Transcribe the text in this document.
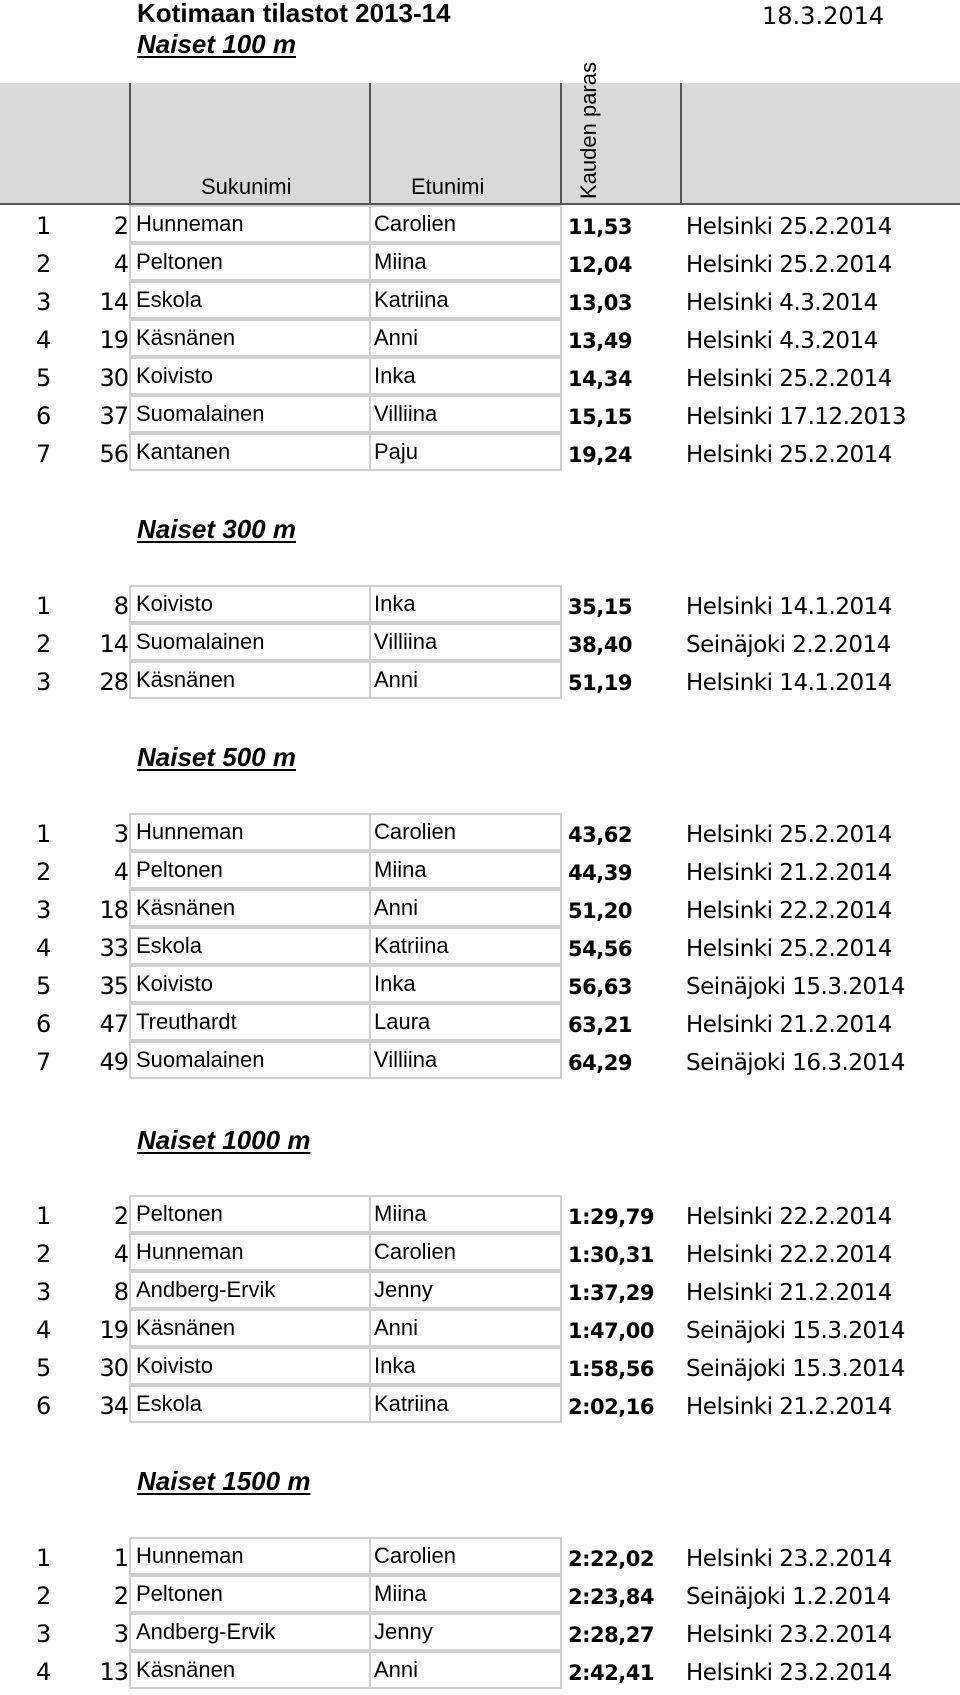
Kotimaan tilastot 2013-14	18.3.2014
Sukunimi	Etunimi	Kauden paras
Naiset 100 m
1	2 Hunneman	Carolien	11,53 Helsinki 25.2.2014
2	4 Peltonen	Miina	12,04 Helsinki 25.2.2014
3	14 Eskola	Katriina	13,03 Helsinki 4.3.2014
4	19 Käsnänen	Anni	13,49 Helsinki 4.3.2014
5	30 Koivisto	Inka	14,34 Helsinki 25.2.2014
6	37 Suomalainen	Villiina	15,15 Helsinki 17.12.2013
7	56 Kantanen	Paju	19,24 Helsinki 25.2.2014
Naiset 300 m
1	8 Koivisto	Inka	35,15 Helsinki 14.1.2014
2	14 Suomalainen	Villiina	38,40 Seinäjoki 2.2.2014
3	28 Käsnänen	Anni	51,19 Helsinki 14.1.2014
Naiset 500 m
1	3 Hunneman	Carolien	43,62 Helsinki 25.2.2014
2	4 Peltonen	Miina	44,39 Helsinki 21.2.2014
3	18 Käsnänen	Anni	51,20 Helsinki 22.2.2014
4	33 Eskola	Katriina	54,56 Helsinki 25.2.2014
5	35 Koivisto	Inka	56,63 Seinäjoki 15.3.2014
6	47 Treuthardt	Laura	63,21 Helsinki 21.2.2014
7	49 Suomalainen	Villiina	64,29 Seinäjoki 16.3.2014
Naiset 1000 m
1	2 Peltonen	Miina	1:29,79 Helsinki 22.2.2014
2	4 Hunneman	Carolien	1:30,31 Helsinki 22.2.2014
3	8 Andberg-Ervik	Jenny	1:37,29 Helsinki 21.2.2014
4	19 Käsnänen	Anni	1:47,00 Seinäjoki 15.3.2014
5	30 Koivisto	Inka	1:58,56 Seinäjoki 15.3.2014
6	34 Eskola	Katriina	2:02,16 Helsinki 21.2.2014
Naiset 1500 m
1	1 Hunneman	Carolien	2:22,02 Helsinki 23.2.2014
2	2 Peltonen	Miina	2:23,84 Seinäjoki 1.2.2014
3	3 Andberg-Ervik	Jenny	2:28,27 Helsinki 23.2.2014
4	13 Käsnänen	Anni	2:42,41 Helsinki 23.2.2014
